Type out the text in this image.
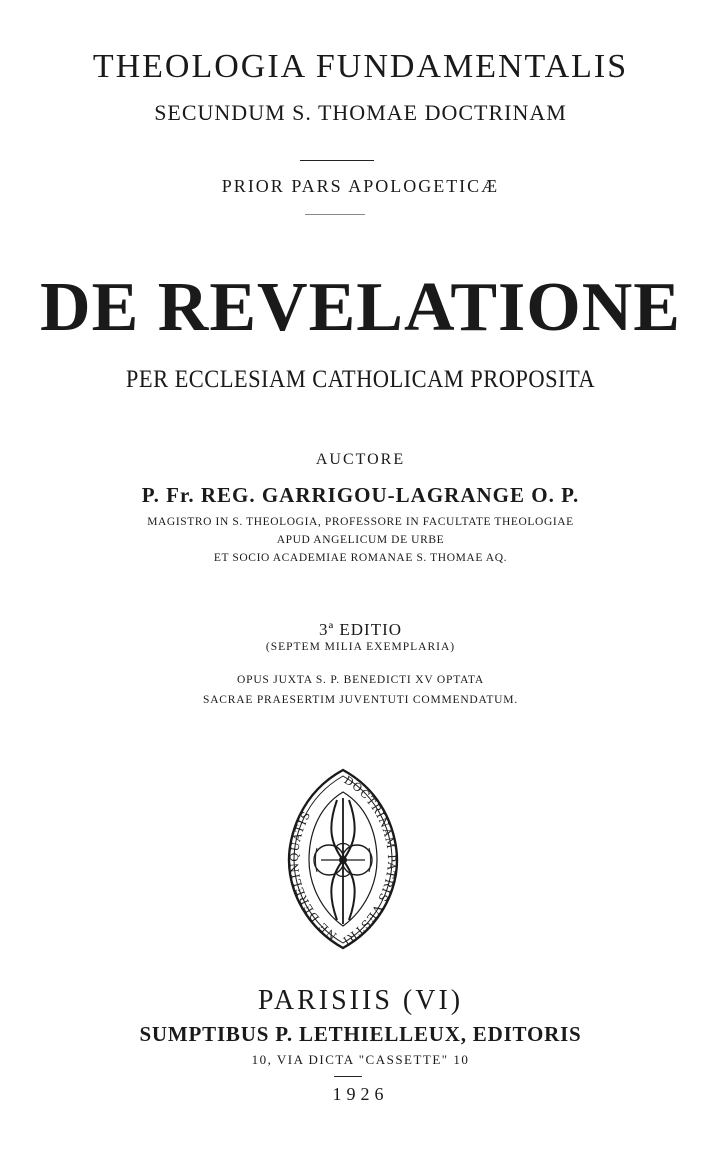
THEOLOGIA FUNDAMENTALIS
SECUNDUM S. THOMAE DOCTRINAM
PRIOR PARS APOLOGETICÆ
DE REVELATIONE
PER ECCLESIAM CATHOLICAM PROPOSITA
AUCTORE
P. Fr. REG. GARRIGOU-LAGRANGE O. P.
MAGISTRO IN S. THEOLOGIA, PROFESSORE IN FACULTATE THEOLOGIAE
APUD ANGELICUM DE URBE
ET SOCIO ACADEMIAE ROMANAE S. THOMAE AQ.
3ª EDITIO
(SEPTEM MILIA EXEMPLARIA)
OPUS JUXTA S. P. BENEDICTI XV OPTATA
SACRAE PRAESERTIM JUVENTUTI COMMENDATUM.
DOCTRINAM PATRIS VESTRI NE DERELINQUATIS
PARISIIS (VI)
SUMPTIBUS P. LETHIELLEUX, EDITORIS
10, VIA DICTA "CASSETTE" 10
1926
